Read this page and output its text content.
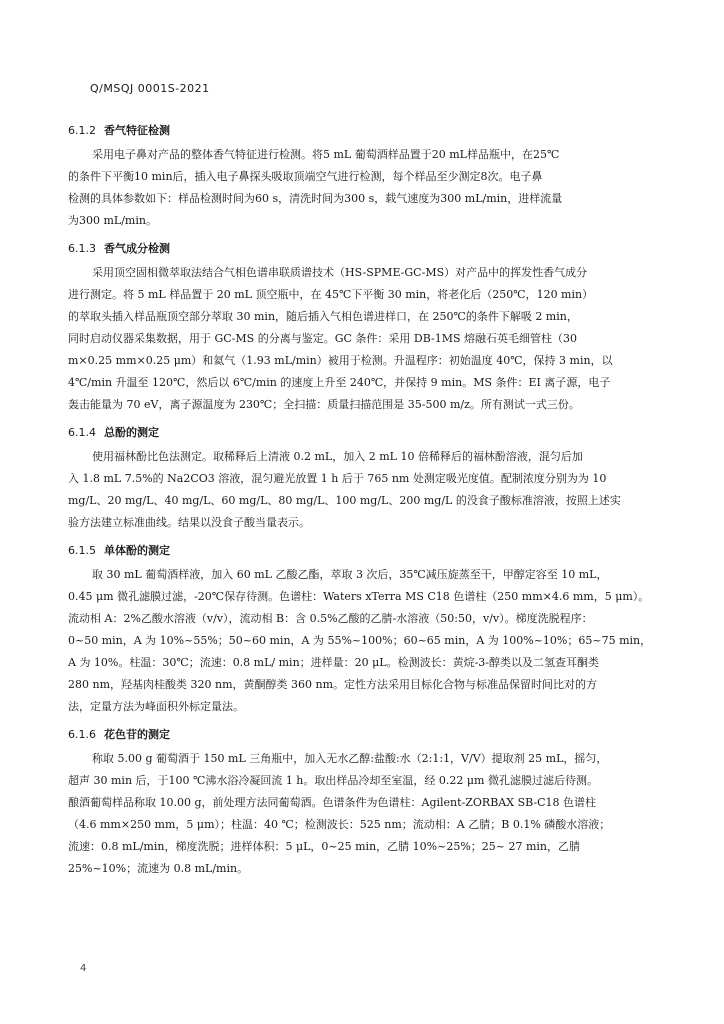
Q/MSQJ 0001S-2021
6.1.2 香气特征检测
采用电子鼻对产品的整体香气特征进行检测。将5 mL 葡萄酒样品置于20 mL样品瓶中，在25℃
的条件下平衡10 min后，插入电子鼻探头吸取顶端空气进行检测，每个样品至少测定8次。电子鼻
检测的具体参数如下：样品检测时间为60 s，清洗时间为300 s，载气速度为300 mL/min，进样流量
为300 mL/min。
6.1.3 香气成分检测
采用顶空固相微萃取法结合气相色谱串联质谱技术（HS-SPME-GC-MS）对产品中的挥发性香气成分
进行测定。将 5 mL 样品置于 20 mL 顶空瓶中，在 45℃下平衡 30 min，将老化后（250℃，120 min）
的萃取头插入样品瓶顶空部分萃取 30 min，随后插入气相色谱进样口，在 250℃的条件下解吸 2 min，
同时启动仪器采集数据，用于 GC-MS 的分离与鉴定。GC 条件：采用 DB-1MS 熔融石英毛细管柱（30
m×0.25 mm×0.25 μm）和氦气（1.93 mL/min）被用于检测。升温程序：初始温度 40℃，保持 3 min，以
4℃/min 升温至 120℃，然后以 6℃/min 的速度上升至 240℃，并保持 9 min。MS 条件：EI 离子源，电子
轰击能量为 70 eV，离子源温度为 230℃；全扫描：质量扫描范围是 35-500 m/z。所有测试一式三份。
6.1.4 总酚的测定
使用福林酚比色法测定。取稀释后上清液 0.2 mL，加入 2 mL 10 倍稀释后的福林酚溶液，混匀后加
入 1.8 mL 7.5%的 Na2CO3 溶液，混匀避光放置 1 h 后于 765 nm 处测定吸光度值。配制浓度分别为为 10
mg/L、20 mg/L、40 mg/L、60 mg/L、80 mg/L、100 mg/L、200 mg/L 的没食子酸标准溶液，按照上述实
验方法建立标准曲线。结果以没食子酸当量表示。
6.1.5 单体酚的测定
取 30 mL 葡萄酒样液，加入 60 mL 乙酸乙酯，萃取 3 次后，35℃减压旋蒸至干，甲醇定容至 10 mL，
0.45 μm 微孔滤膜过滤，-20℃保存待测。色谱柱：Waters xTerra MS C18 色谱柱（250 mm×4.6 mm，5 μm）。
流动相 A：2%乙酸水溶液（v/v），流动相 B：含 0.5%乙酸的乙腈-水溶液（50:50，v/v）。梯度洗脱程序：
0~50 min，A 为 10%~55%；50~60 min，A 为 55%~100%；60~65 min，A 为 100%~10%；65~75 min，
A 为 10%。柱温：30℃；流速：0.8 mL/ min；进样量：20 μL。检测波长：黄烷-3-醇类以及二氢查耳酮类
280 nm，羟基肉桂酸类 320 nm，黄酮醇类 360 nm。定性方法采用目标化合物与标准品保留时间比对的方
法，定量方法为峰面积外标定量法。
6.1.6 花色苷的测定
称取 5.00 g 葡萄酒于 150 mL 三角瓶中，加入无水乙醇:盐酸:水（2:1:1，V/V）提取剂 25 mL，摇匀，
超声 30 min 后，于100 ℃沸水浴冷凝回流 1 h。取出样品冷却至室温，经 0.22 μm 微孔滤膜过滤后待测。
酿酒葡萄样品称取 10.00 g，前处理方法同葡萄酒。色谱条件为色谱柱：Agilent-ZORBAX SB-C18 色谱柱
（4.6 mm×250 mm，5 μm）；柱温：40 ℃；检测波长：525 nm；流动相：A 乙腈；B 0.1% 磷酸水溶液；
流速：0.8 mL/min，梯度洗脱；进样体积：5 μL，0~25 min，乙腈 10%~25%；25~ 27 min，乙腈
25%~10%；流速为 0.8 mL/min。
4
